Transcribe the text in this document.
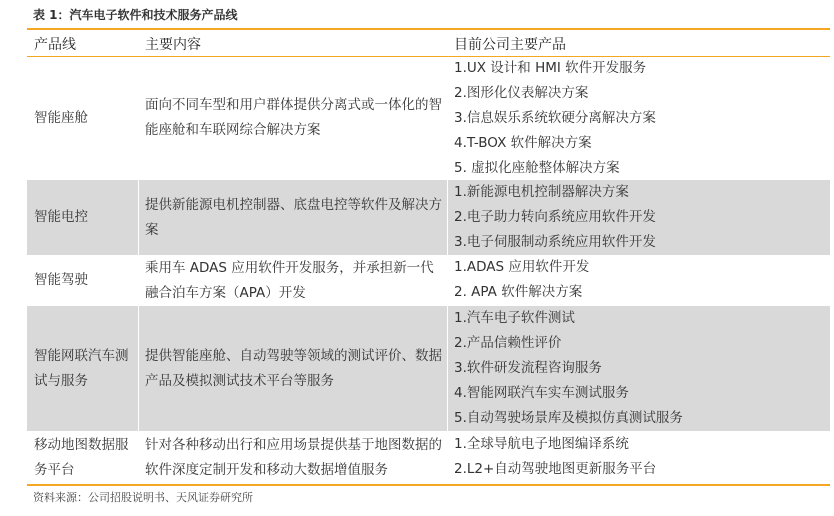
表 1：汽车电子软件和技术服务产品线
产品线	主要内容	目前公司主要产品
智能座舱
面向不同车型和用户群体提供分离式或一体化的智能座舱和车联网综合解决方案
1.UX 设计和 HMI 软件开发服务
2.图形化仪表解决方案
3.信息娱乐系统软硬分离解决方案
4.T-BOX 软件解决方案
5. 虚拟化座舱整体解决方案
智能电控
提供新能源电机控制器、底盘电控等软件及解决方案
1.新能源电机控制器解决方案
2.电子助力转向系统应用软件开发
3.电子伺服制动系统应用软件开发
智能驾驶
乘用车 ADAS 应用软件开发服务，并承担新一代融合泊车方案（APA）开发
1.ADAS 应用软件开发
2. APA 软件解决方案
智能网联汽车测试与服务
提供智能座舱、自动驾驶等领域的测试评价、数据产品及模拟测试技术平台等服务
1.汽车电子软件测试
2.产品信赖性评价
3.软件研发流程咨询服务
4.智能网联汽车实车测试服务
5.自动驾驶场景库及模拟仿真测试服务
移动地图数据服务平台
针对各种移动出行和应用场景提供基于地图数据的软件深度定制开发和移动大数据增值服务
1.全球导航电子地图编译系统
2.L2+自动驾驶地图更新服务平台
资料来源：公司招股说明书、天风证券研究所
